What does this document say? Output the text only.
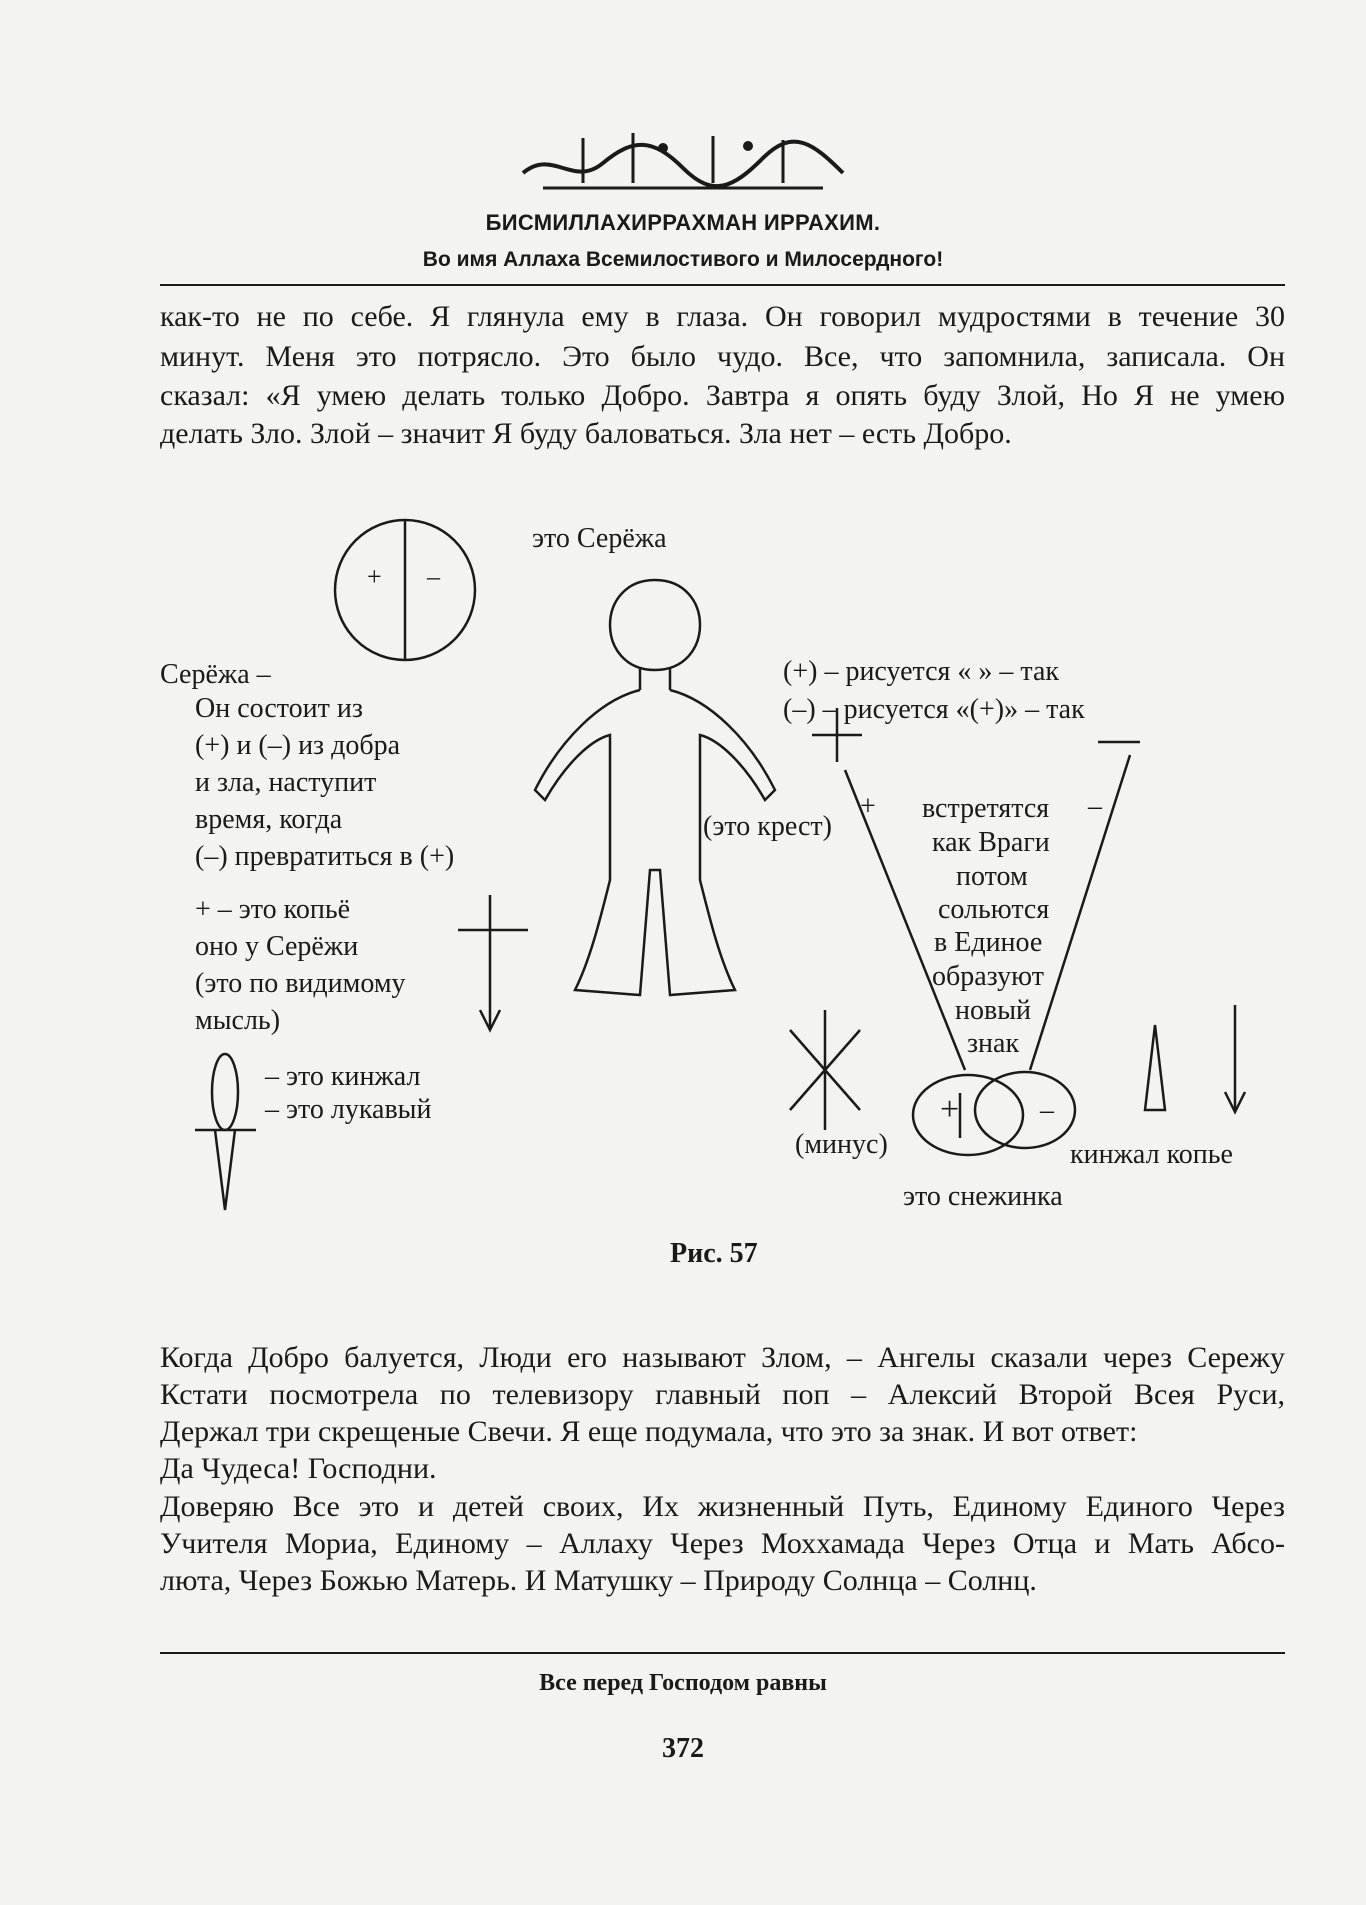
بِسْمِ اللَّهِ الرَّحْمَٰنِ الرَّحِيمِ
БИСМИЛЛАХИРРАХМАН ИРРАХИМ.
Во имя Аллаха Всемилостивого и Милосердного!
как-то не по себе. Я глянула ему в глаза. Он говорил мудростями в течение 30
минут. Меня это потрясло. Это было чудо. Все, что запомнила, записала. Он
сказал: «Я умею делать только Добро. Завтра я опять буду Злой, Но Я не умею
делать Зло. Злой – значит Я буду баловаться. Зла нет – есть Добро.
это Серёжа
+ –
Серёжа –
Он состоит из
(+) и (–) из добра
и зла, наступит
время, когда
(–) превратиться в (+)
+ – это копьё
оно у Серёжи
(это по видимому
мысль)
– это кинжал
– это лукавый
(+) – рисуется « » – так
(–) – рисуется «(+)» – так
(это крест)
+	–
встретятся
как Враги
потом
сольются
в Единое
образуют
новый
знак
+	–
(минус)	кинжал копье
это снежинка
Рис. 57
Когда Добро балуется, Люди его называют Злом, – Ангелы сказали через Сережу
Кстати посмотрела по телевизору главный поп – Алексий Второй Всея Руси,
Держал три скрещеные Свечи. Я еще подумала, что это за знак. И вот ответ:
Да Чудеса! Господни.
Доверяю Все это и детей своих, Их жизненный Путь, Единому Единого Через
Учителя Мориа, Единому – Аллаху Через Моххамада Через Отца и Мать Абсо-
люта, Через Божью Матерь. И Матушку – Природу Солнца – Солнц.
Все перед Господом равны
372
